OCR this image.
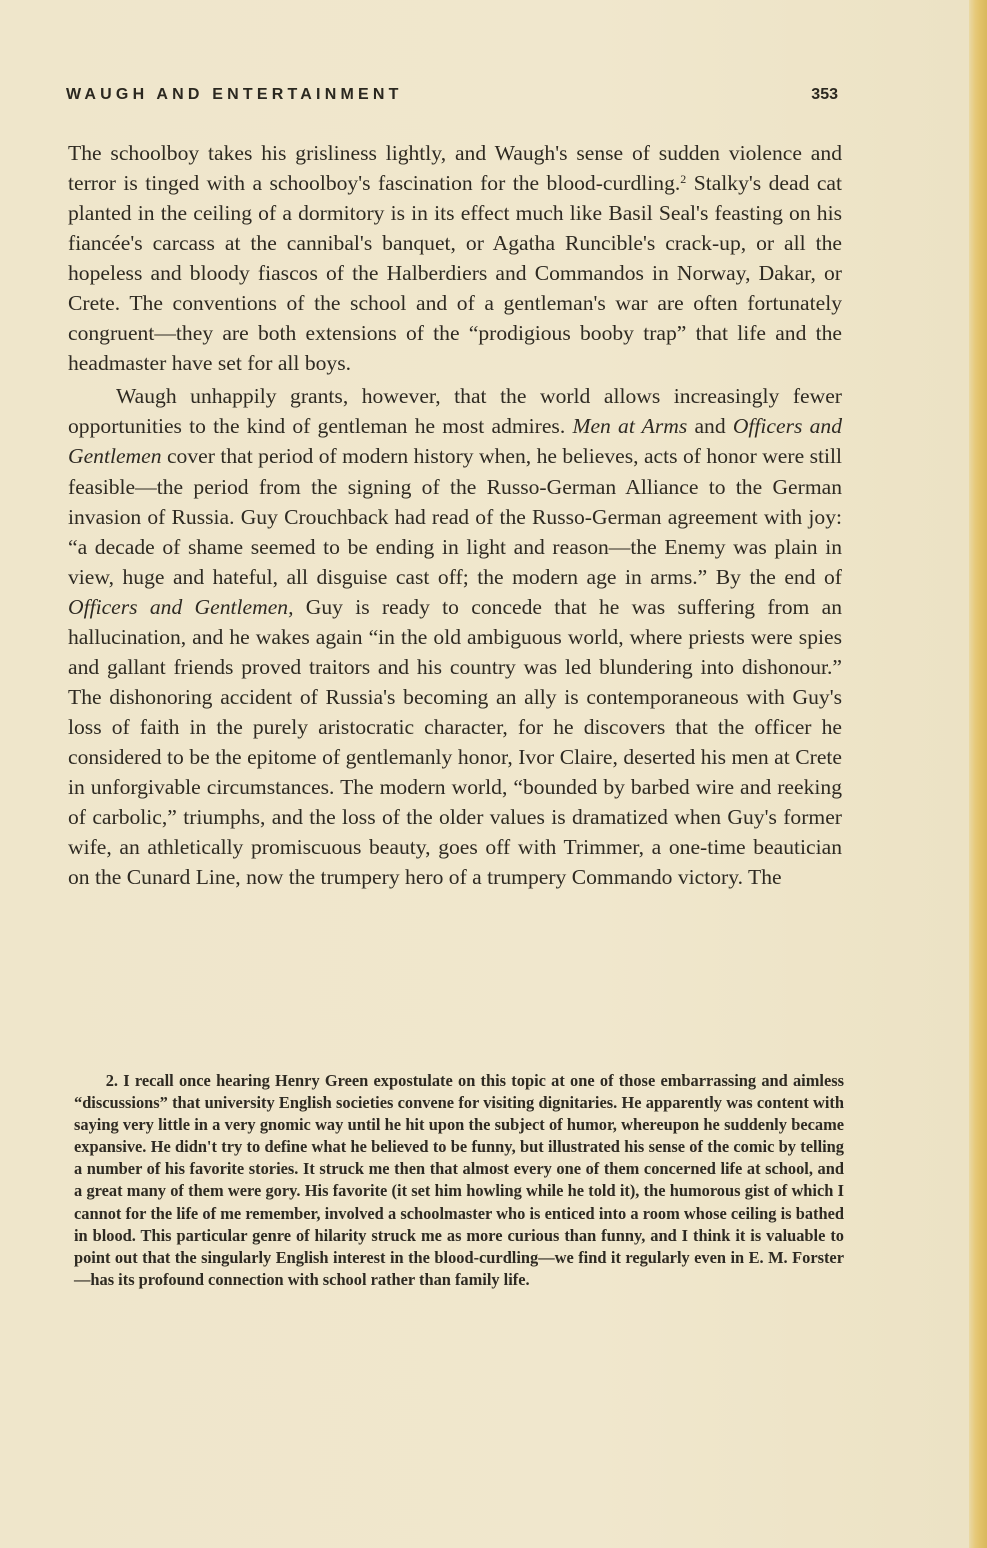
WAUGH AND ENTERTAINMENT	353

The schoolboy takes his grisliness lightly, and Waugh's sense of sudden violence and terror is tinged with a schoolboy's fascination for the blood-curdling.$^2$ Stalky's dead cat planted in the ceiling of a dormitory is in its effect much like Basil Seal's feasting on his fiancée's carcass at the cannibal's banquet, or Agatha Runcible's crack-up, or all the hopeless and bloody fiascos of the Halberdiers and Commandos in Norway, Dakar, or Crete. The conventions of the school and of a gentleman's war are often fortunately congruent—they are both extensions of the “prodigious booby trap” that life and the headmaster have set for all boys.

Waugh unhappily grants, however, that the world allows increasingly fewer opportunities to the kind of gentleman he most admires. Men at Arms and Officers and Gentlemen cover that period of modern history when, he believes, acts of honor were still feasible—the period from the signing of the Russo-German Alliance to the German invasion of Russia. Guy Crouchback had read of the Russo-German agreement with joy: “a decade of shame seemed to be ending in light and reason—the Enemy was plain in view, huge and hateful, all disguise cast off; the modern age in arms.” By the end of Officers and Gentlemen, Guy is ready to concede that he was suffering from an hallucination, and he wakes again “in the old ambiguous world, where priests were spies and gallant friends proved traitors and his country was led blundering into dishonour.” The dishonoring accident of Russia's becoming an ally is contemporaneous with Guy's loss of faith in the purely aristocratic character, for he discovers that the officer he considered to be the epitome of gentlemanly honor, Ivor Claire, deserted his men at Crete in unforgivable circumstances. The modern world, “bounded by barbed wire and reeking of carbolic,” triumphs, and the loss of the older values is dramatized when Guy's former wife, an athletically promiscuous beauty, goes off with Trimmer, a one-time beautician on the Cunard Line, now the trumpery hero of a trumpery Commando victory. The

2. I recall once hearing Henry Green expostulate on this topic at one of those embarrassing and aimless “discussions” that university English societies convene for visiting dignitaries. He apparently was content with saying very little in a very gnomic way until he hit upon the subject of humor, whereupon he suddenly became expansive. He didn't try to define what he believed to be funny, but illustrated his sense of the comic by telling a number of his favorite stories. It struck me then that almost every one of them concerned life at school, and a great many of them were gory. His favorite (it set him howling while he told it), the humorous gist of which I cannot for the life of me remember, involved a schoolmaster who is enticed into a room whose ceiling is bathed in blood. This particular genre of hilarity struck me as more curious than funny, and I think it is valuable to point out that the singularly English interest in the blood-curdling—we find it regularly even in E. M. Forster—has its profound connection with school rather than family life.
